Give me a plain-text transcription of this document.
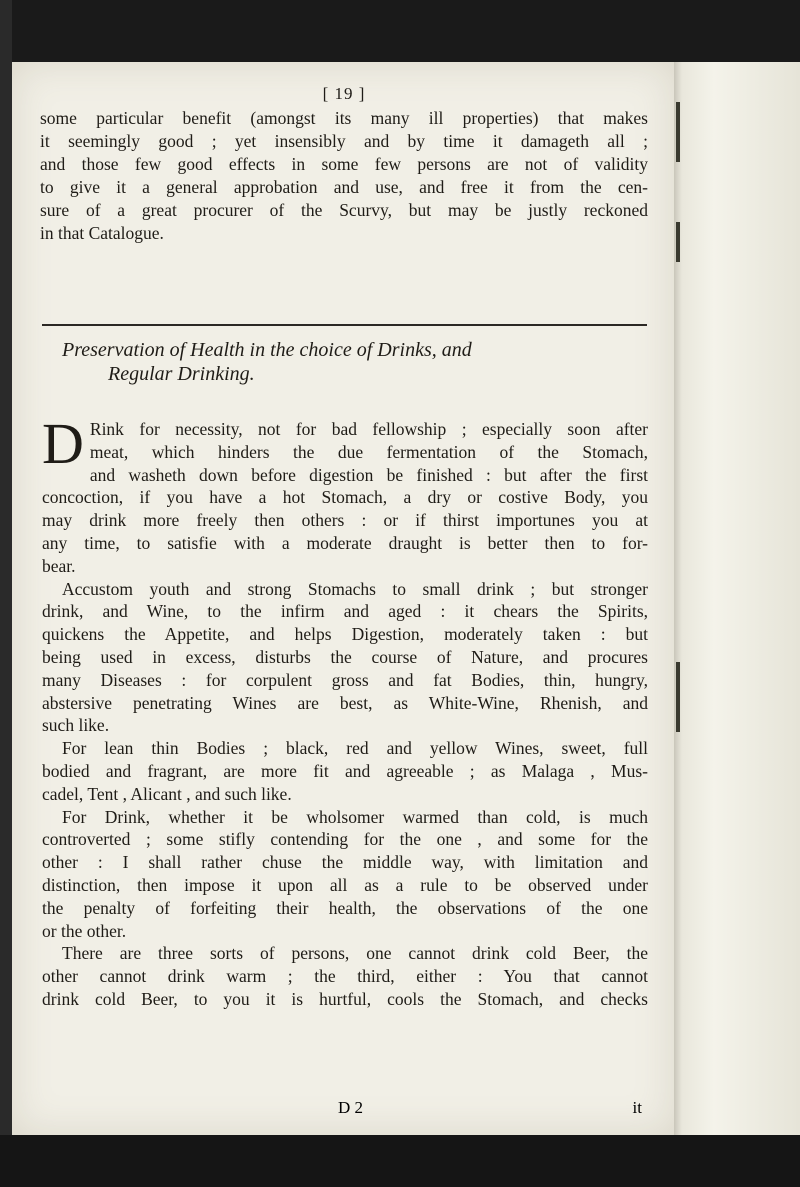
[ 19 ]
some particular benefit (amongst its many ill properties) that makes
it seemingly good ; yet insensibly and by time it damageth all ;
and those few good effects in some few persons are not of validity
to give it a general approbation and use, and free it from the cen-
sure of a great procurer of the Scurvy, but may be justly reckoned
in that Catalogue.
Preservation of Health in the choice of Drinks, and
Regular Drinking.
D Rink for necessity, not for bad fellowship ; especially soon after
meat, which hinders the due fermentation of the Stomach,
and washeth down before digestion be finished : but after the first
concoction, if you have a hot Stomach, a dry or costive Body, you
may drink more freely then others : or if thirst importunes you at
any time, to satisfie with a moderate draught is better then to for-
bear.
Accustom youth and strong Stomachs to small drink ; but stronger
drink, and Wine, to the infirm and aged : it chears the Spirits,
quickens the Appetite, and helps Digestion, moderately taken : but
being used in excess, disturbs the course of Nature, and procures
many Diseases : for corpulent gross and fat Bodies, thin, hungry,
abstersive penetrating Wines are best, as White-Wine, Rhenish, and
such like.
For lean thin Bodies ; black, red and yellow Wines, sweet, full
bodied and fragrant, are more fit and agreeable ; as Malaga , Mus-
cadel, Tent , Alicant , and such like.
For Drink, whether it be wholsomer warmed than cold, is much
controverted ; some stifly contending for the one , and some for the
other : I shall rather chuse the middle way, with limitation and
distinction, then impose it upon all as a rule to be observed under
the penalty of forfeiting their health, the observations of the one
or the other.
There are three sorts of persons, one cannot drink cold Beer, the
other cannot drink warm ; the third, either : You that cannot
drink cold Beer, to you it is hurtful, cools the Stomach, and checks
D 2	it
